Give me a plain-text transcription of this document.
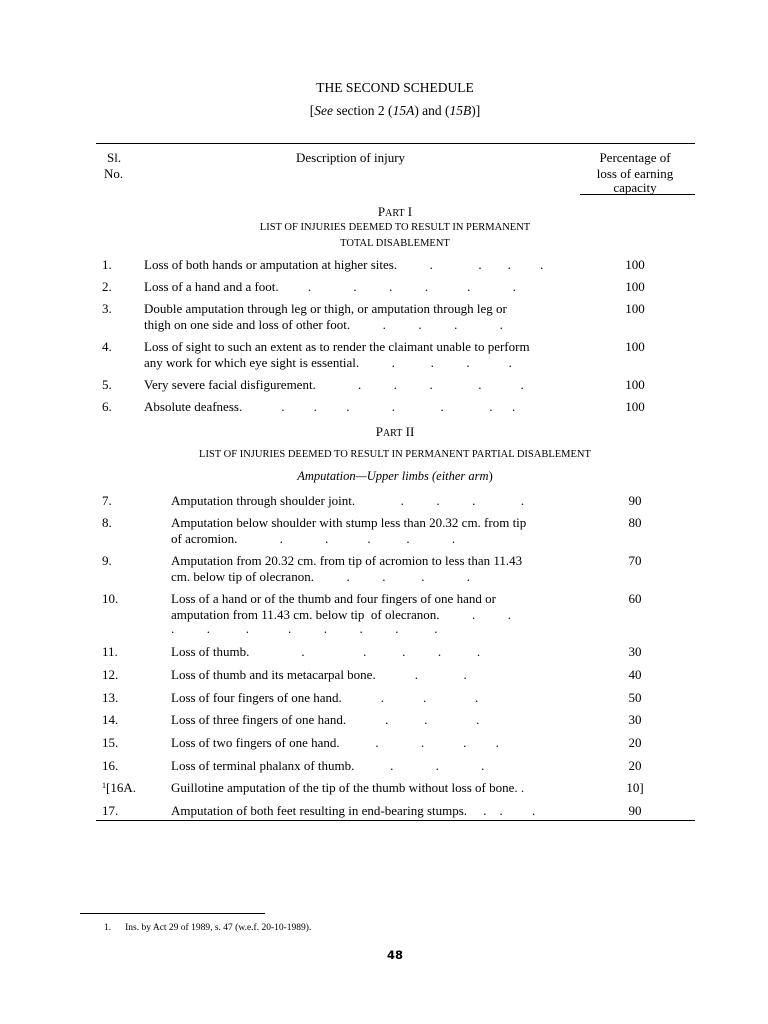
THE SECOND SCHEDULE
[See section 2 (15A) and (15B)]
Sl.
No.
Description of injury	Percentage of
loss of earning
capacity
PART I
LIST OF INJURIES DEEMED TO RESULT IN PERMANENT
TOTAL DISABLEMENT
1. Loss of both hands or amputation at higher sites.          .              .        .         .	100
2. Loss of a hand and a foot.         .             .          .          .            .             .	100
3. Double amputation through leg or thigh, or amputation through leg or
thigh on one side and loss of other foot.          .          .          .             .
100
4. Loss of sight to such an extent as to render the claimant unable to perform
any work for which eye sight is essential.          .           .          .            .
100
5. Very severe facial disfigurement.             .          .          .              .            .	100
6. Absolute deafness.            .         .         .             .              .              .      .	100
PART II
LIST OF INJURIES DEEMED TO RESULT IN PERMANENT PARTIAL DISABLEMENT
Amputation—Upper limbs (either arm)
7.	Amputation through shoulder joint.              .          .          .              .	90
8.	Amputation below shoulder with stump less than 20.32 cm. from tip
of acromion.             .             .            .           .             .
80
9.	Amputation from 20.32 cm. from tip of acromion to less than 11.43
cm. below tip of olecranon.          .          .           .             .
70
10.	Loss of a hand or of the thumb and four fingers of one hand or
amputation from 11.43 cm. below tip  of olecranon.          .          .
.          .           .            .          .          .          .           .
60
11.	Loss of thumb.                .                  .           .          .           .	30
12.	Loss of thumb and its metacarpal bone.            .              .	40
13.	Loss of four fingers of one hand.            .            .               .	50
14.	Loss of three fingers of one hand.            .           .               .	30
15.	Loss of two fingers of one hand.           .             .            .         .	20
16.	Loss of terminal phalanx of thumb.           .             .             .	20
$^1$[16A.	Guillotine amputation of the tip of the thumb without loss of bone. .	10]
17.	Amputation of both feet resulting in end-bearing stumps.     .    .         .	90
1. Ins. by Act 29 of 1989, s. 47 (w.e.f. 20-10-1989).
48
